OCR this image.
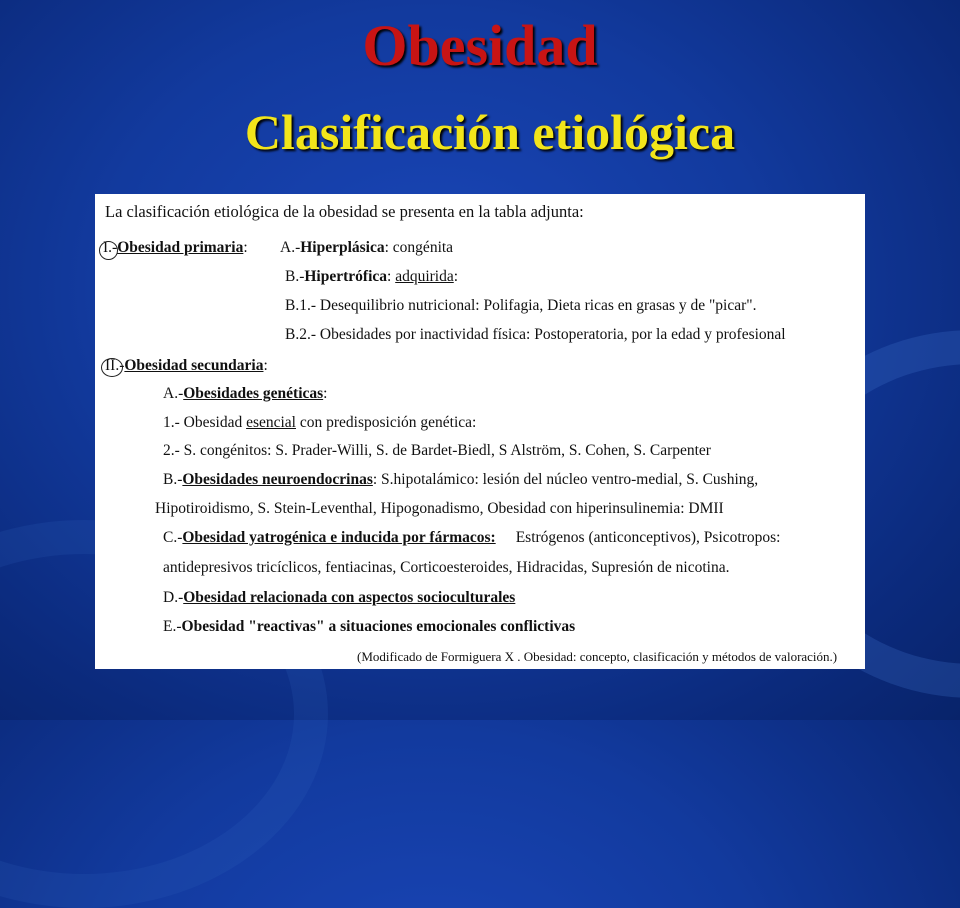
Obesidad
Clasificación etiológica
La clasificación etiológica de la obesidad se presenta en la tabla adjunta:
I.-Obesidad primaria: A.-Hiperplásica: congénita
B.-Hipertrófica: adquirida:
B.1.- Desequilibrio nutricional: Polifagia, Dieta ricas en grasas y de "picar".
B.2.- Obesidades por inactividad física: Postoperatoria, por la edad y profesional
II.-Obesidad secundaria:
A.-Obesidades genéticas:
1.- Obesidad esencial con predisposición genética:
2.- S. congénitos: S. Prader-Willi, S. de Bardet-Biedl, S Alström, S. Cohen, S. Carpenter
B.-Obesidades neuroendocrinas: S.hipotalámico: lesión del núcleo ventro-medial, S. Cushing,
Hipotiroidismo, S. Stein-Leventhal, Hipogonadismo, Obesidad con hiperinsulinemia: DMII
C.-Obesidad yatrogénica e inducida por fármacos: Estrógenos (anticonceptivos), Psicotropos:
antidepresivos tricíclicos, fentiacinas, Corticoesteroides, Hidracidas, Supresión de nicotina.
D.-Obesidad relacionada con aspectos socioculturales
E.-Obesidad "reactivas" a situaciones emocionales conflictivas
(Modificado de Formiguera X . Obesidad: concepto, clasificación y métodos de valoración.)
